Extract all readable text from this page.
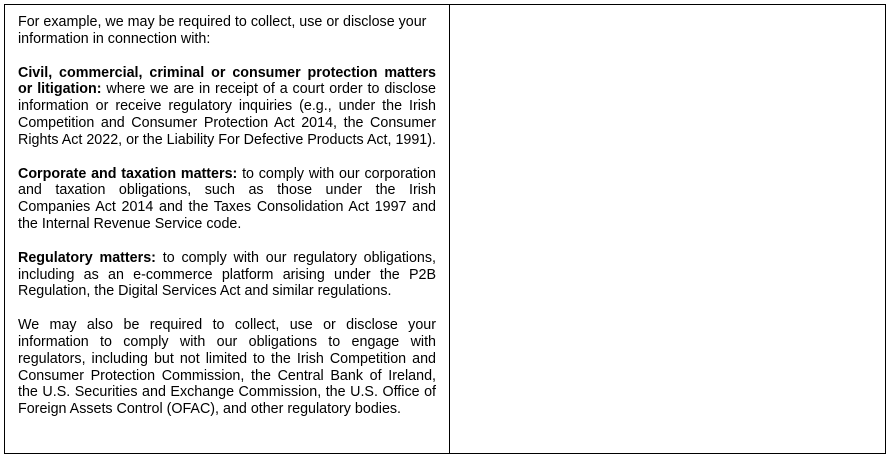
For example, we may be required to collect, use or disclose your information in connection with:

Civil, commercial, criminal or consumer protection matters or litigation: where we are in receipt of a court order to disclose information or receive regulatory inquiries (e.g., under the Irish Competition and Consumer Protection Act 2014, the Consumer Rights Act 2022, or the Liability For Defective Products Act, 1991).

Corporate and taxation matters: to comply with our corporation and taxation obligations, such as those under the Irish Companies Act 2014 and the Taxes Consolidation Act 1997 and the Internal Revenue Service code.

Regulatory matters: to comply with our regulatory obligations, including as an e-commerce platform arising under the P2B Regulation, the Digital Services Act and similar regulations.

We may also be required to collect, use or disclose your information to comply with our obligations to engage with regulators, including but not limited to the Irish Competition and Consumer Protection Commission, the Central Bank of Ireland, the U.S. Securities and Exchange Commission, the U.S. Office of Foreign Assets Control (OFAC), and other regulatory bodies.
